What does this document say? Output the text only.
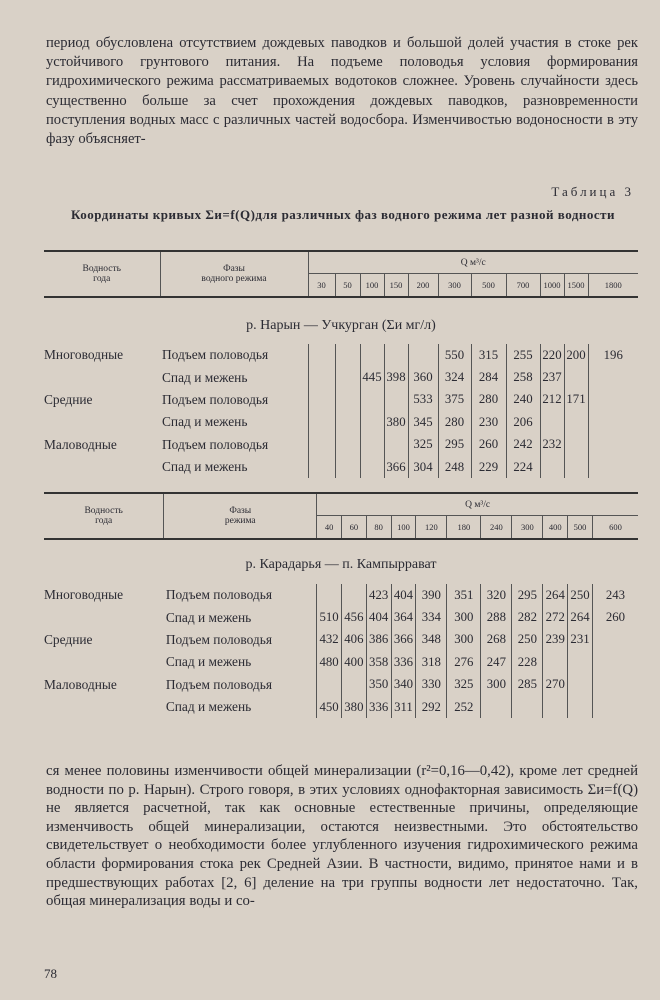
период обусловлена отсутствием дождевых паводков и большой долей участия в стоке рек устойчивого грунтового питания. На подъеме половодья условия формирования гидрохимического режима рассматриваемых водотоков сложнее. Уровень случайности здесь существенно больше за счет прохождения дождевых паводков, разновременности поступления водных масс с различных частей водосбора. Изменчивостью водоносности в эту фазу объясняет-

Таблица 3
Координаты кривых Σи=f(Q)для различных фаз водного режима лет разной водности
Водность
года	Фазы
водного режима	Q м³/с										
		30	50	100	150	200	300	500	700	1000	1500	1800
р. Нарын — Учкурган (Σи мг/л)
Многоводные	Подъем половодья						550	315	255	220	200	196
	Спад и межень			445	398	360	324	284	258	237		
Средние	Подъем половодья					533	375	280	240	212	171	
	Спад и межень				380	345	280	230	206			
Маловодные	Подъем половодья					325	295	260	242	232		
	Спад и межень				366	304	248	229	224			
Водность
года	Фазы
режима	Q м³/с										
		40	60	80	100	120	180	240	300	400	500	600
р. Карадарья — п. Кампыррават
Многоводные	Подъем половодья			423	404	390	351	320	295	264	250	243
	Спад и межень	510	456	404	364	334	300	288	282	272	264	260
Средние	Подъем половодья	432	406	386	366	348	300	268	250	239	231	
	Спад и межень	480	400	358	336	318	276	247	228			
Маловодные	Подъем половодья			350	340	330	325	300	285	270		
	Спад и межень	450	380	336	311	292	252					

ся менее половины изменчивости общей минерализации (r²=0,16—0,42), кроме лет средней водности по р. Нарын). Строго говоря, в этих условиях однофакторная зависимость Σи=f(Q) не является расчетной, так как основные естественные причины, определяющие изменчивость общей минерализации, остаются неизвестными. Это обстоятельство свидетельствует о необходимости более углубленного изучения гидрохимического режима области формирования стока рек Средней Азии. В частности, видимо, принятое нами и в предшествующих работах [2, 6] деление на три группы водности лет недостаточно. Так, общая минерализация воды и со-

78
